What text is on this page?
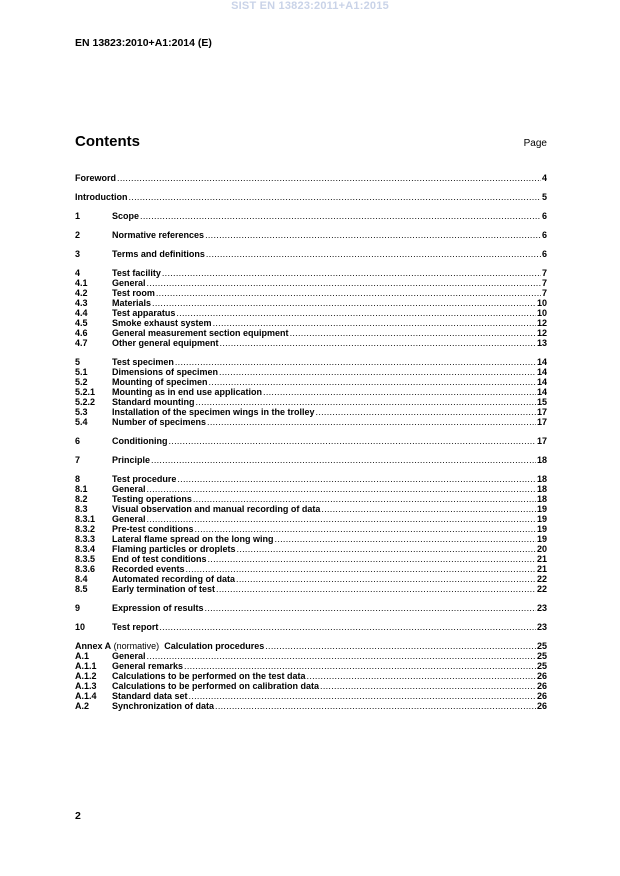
SIST EN 13823:2011+A1:2015
EN 13823:2010+A1:2014 (E)
Contents	Page
Foreword .....	4
Introduction .....	5
1	Scope .....	6
2	Normative references .....	6
3	Terms and definitions .....	6
4	Test facility .....	7
4.1	General .....	7
4.2	Test room .....	7
4.3	Materials .....	10
4.4	Test apparatus .....	10
4.5	Smoke exhaust system .....	12
4.6	General measurement section equipment .....	12
4.7	Other general equipment .....	13
5	Test specimen .....	14
5.1	Dimensions of specimen .....	14
5.2	Mounting of specimen .....	14
5.2.1	Mounting as in end use application .....	14
5.2.2	Standard mounting .....	15
5.3	Installation of the specimen wings in the trolley .....	17
5.4	Number of specimens .....	17
6	Conditioning .....	17
7	Principle .....	18
8	Test procedure .....	18
8.1	General .....	18
8.2	Testing operations .....	18
8.3	Visual observation and manual recording of data .....	19
8.3.1	General .....	19
8.3.2	Pre-test conditions .....	19
8.3.3	Lateral flame spread on the long wing .....	19
8.3.4	Flaming particles or droplets .....	20
8.3.5	End of test conditions .....	21
8.3.6	Recorded events .....	21
8.4	Automated recording of data .....	22
8.5	Early termination of test .....	22
9	Expression of results .....	23
10	Test report .....	23
Annex A (normative)  Calculation procedures .....	25
A.1	General .....	25
A.1.1	General remarks .....	25
A.1.2	Calculations to be performed on the test data .....	26
A.1.3	Calculations to be performed on calibration data .....	26
A.1.4	Standard data set .....	26
A.2	Synchronization of data .....	26
2
